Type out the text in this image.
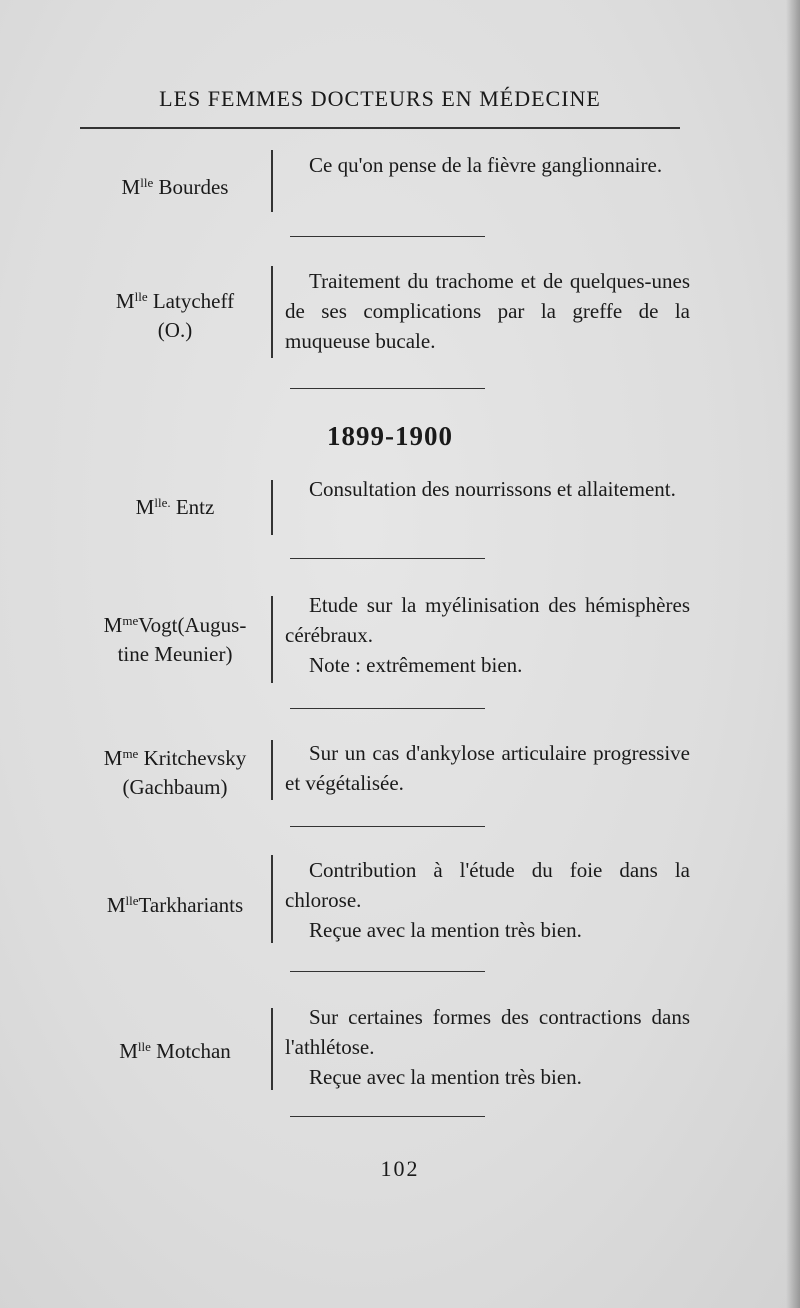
LES FEMMES DOCTEURS EN MÉDECINE
$M^{lle}$ Bourdes

Ce qu'on pense de la fièvre ganglionnaire.

$M^{lle}$ Latycheff
(O.)

Traitement du trachome et de quelques-unes de ses complications par la greffe de la muqueuse bucale.

1899-1900
$M^{lle.}$ Entz

Consultation des nourrissons et allaitement.

$M^{me}Vogt(Augus-$
tine Meunier)

Etude sur la myélinisation des hémisphères cérébraux.

Note : extrêmement bien.

$M^{me}$ Kritchevsky
(Gachbaum)

Sur un cas d'ankylose articulaire progressive et végétalisée.

$M^{lle}Tarkhariants$

Contribution à l'étude du foie dans la chlorose.

Reçue avec la mention très bien.

$M^{lle}$ Motchan

Sur certaines formes des contractions dans l'athlétose.

Reçue avec la mention très bien.

102
